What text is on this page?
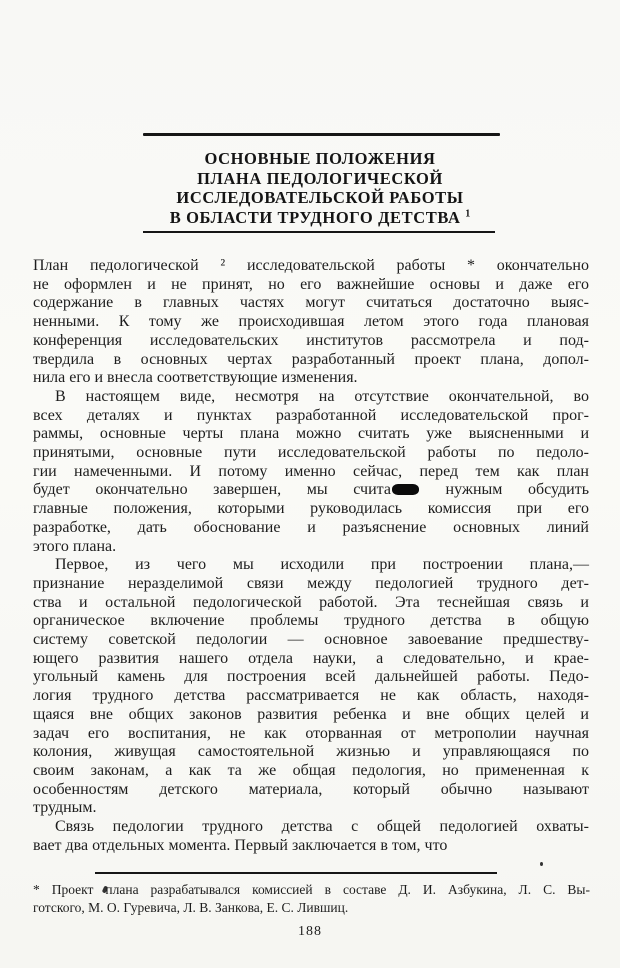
ОСНОВНЫЕ ПОЛОЖЕНИЯ
ПЛАНА ПЕДОЛОГИЧЕСКОЙ
ИССЛЕДОВАТЕЛЬСКОЙ РАБОТЫ
В ОБЛАСТИ ТРУДНОГО ДЕТСТВА $^1$
План педологической ² исследовательской работы * окончательно
не оформлен и не принят, но его важнейшие основы и даже его
содержание в главных частях могут считаться достаточно выяс-
ненными. К тому же происходившая летом этого года плановая
конференция исследовательских институтов рассмотрела и под-
твердила в основных чертах разработанный проект плана, допол-
нила его и внесла соответствующие изменения.
В настоящем виде, несмотря на отсутствие окончательной, во
всех деталях и пунктах разработанной исследовательской прог-
раммы, основные черты плана можно считать уже выясненными и
принятыми, основные пути исследовательской работы по педоло-
гии намеченными. И потому именно сейчас, перед тем как план
будет окончательно завершен, мы счита нужным обсудить
главные положения, которыми руководилась комиссия при его
разработке, дать обоснование и разъяснение основных линий
этого плана.
Первое, из чего мы исходили при построении плана,—
признание неразделимой связи между педологией трудного дет-
ства и остальной педологической работой. Эта теснейшая связь и
органическое включение проблемы трудного детства в общую
систему советской педологии — основное завоевание предшеству-
ющего развития нашего отдела науки, а следовательно, и крае-
угольный камень для построения всей дальнейшей работы. Педо-
логия трудного детства рассматривается не как область, находя-
щаяся вне общих законов развития ребенка и вне общих целей и
задач его воспитания, не как оторванная от метрополии научная
колония, живущая самостоятельной жизнью и управляющаяся по
своим законам, а как та же общая педология, но примененная к
особенностям детского материала, который обычно называют
трудным.
Связь педологии трудного детства с общей педологией охваты-
вает два отдельных момента. Первый заключается в том, что
* Проект плана разрабатывался комиссией в составе Д. И. Азбукина, Л. С. Вы-
готского, М. О. Гуревича, Л. В. Занкова, Е. С. Лившиц.
188
